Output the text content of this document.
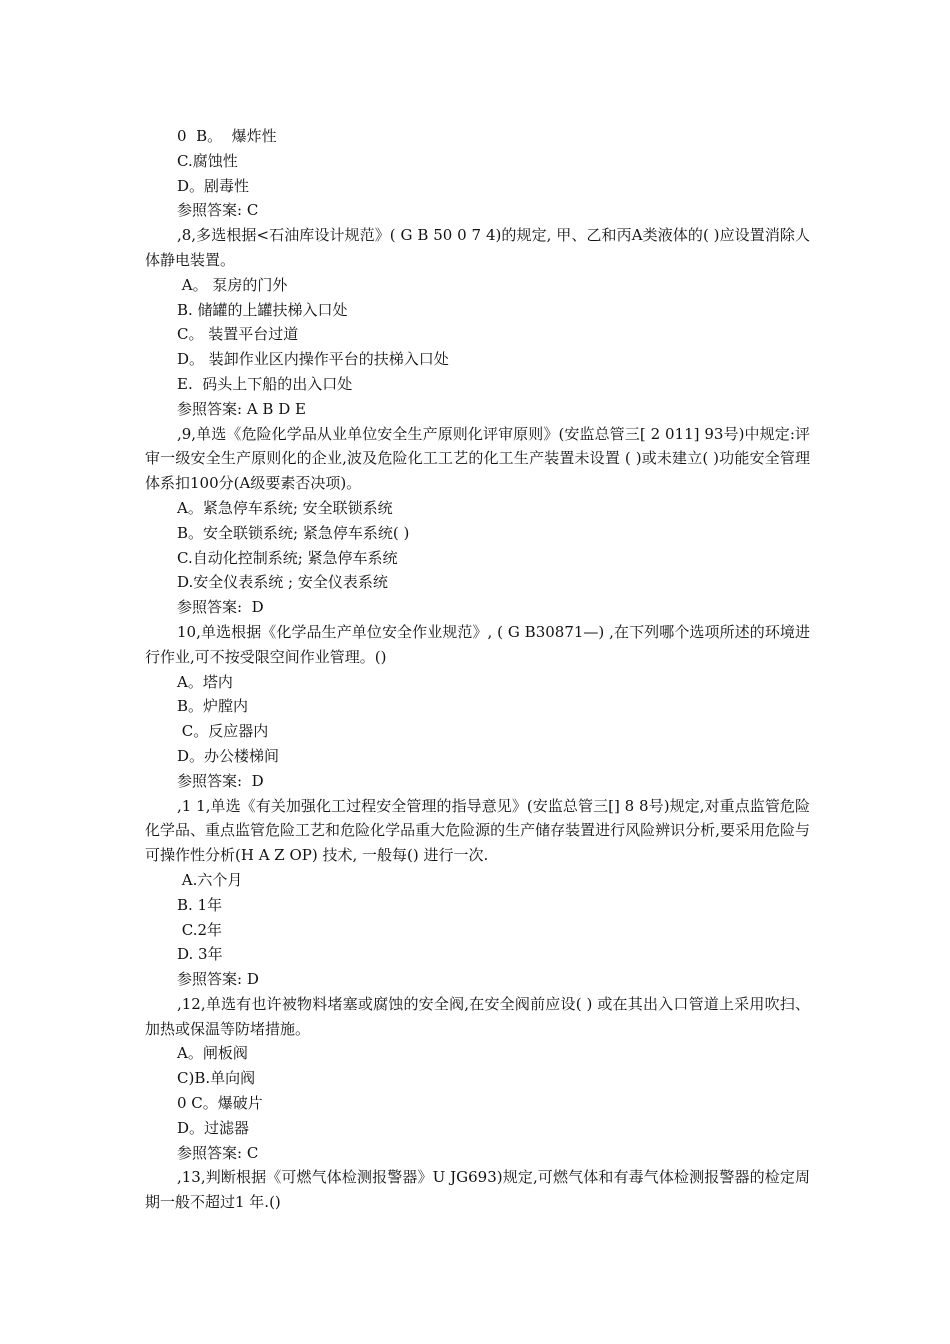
0  B。  爆炸性
C.腐蚀性
D。剧毒性
参照答案: C
,8,多选根据<石油库设计规范》( G B 50 0 7 4)的规定, 甲、乙和丙A类液体的( )应设置消除人体静电装置。
A。 泵房的门外
B. 储罐的上罐扶梯入口处
C。 装置平台过道
D。 装卸作业区内操作平台的扶梯入口处
E.  码头上下船的出入口处
参照答案: A B D E
,9,单选《危险化学品从业单位安全生产原则化评审原则》(安监总管三[ 2 011] 93号)中规定:评审一级安全生产原则化的企业,波及危险化工工艺的化工生产装置未设置 ( )或未建立( )功能安全管理体系扣100分(A级要素否决项)。
A。紧急停车系统; 安全联锁系统
B。安全联锁系统; 紧急停车系统( )
C.自动化控制系统; 紧急停车系统
D.安全仪表系统 ; 安全仪表系统
参照答案:  D
10,单选根据《化学品生产单位安全作业规范》, ( G B30871—) ,在下列哪个选项所述的环境进行作业,可不按受限空间作业管理。()
A。塔内
B。炉膛内
C。反应器内
D。办公楼梯间
参照答案:  D
,1 1,单选《有关加强化工过程安全管理的指导意见》(安监总管三[] 8 8号)规定,对重点监管危险化学品、重点监管危险工艺和危险化学品重大危险源的生产储存装置进行风险辨识分析,要采用危险与可操作性分析(H A Z OP) 技术, 一般每() 进行一次.
A.六个月
B. 1年
C.2年
D. 3年
参照答案: D
,12,单选有也许被物料堵塞或腐蚀的安全阀,在安全阀前应设( ) 或在其出入口管道上采用吹扫、加热或保温等防堵措施。
A。闸板阀
C)B.单向阀
0 C。爆破片
D。过滤器
参照答案: C
,13,判断根据《可燃气体检测报警器》U JG693)规定,可燃气体和有毒气体检测报警器的检定周期一般不超过1 年.()
